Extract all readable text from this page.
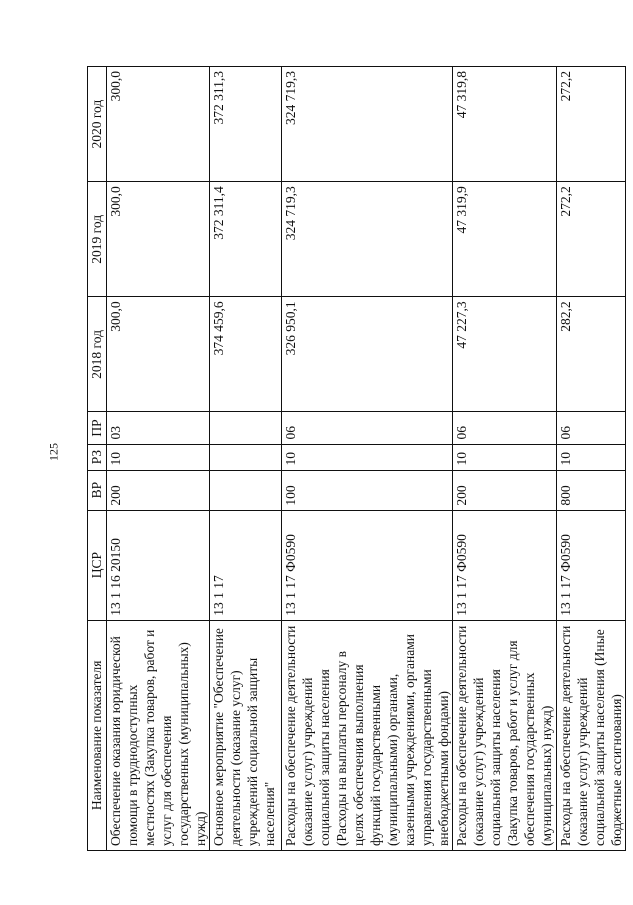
125
Наименование показателя	ЦСР	ВР	РЗ	ПР	2018 год	2019 год	2020 год
Обеспечение оказания юридической помощи в труднодоступных местностях (Закупка товаров, работ и услуг для обеспечения государственных (муниципальных) нужд)	13 1 16 20150	200	10	03	300,0	300,0	300,0
Основное мероприятие "Обеспечение деятельности (оказание услуг) учреждений социальной защиты населения"	13 1 17				374 459,6	372 311,4	372 311,3
Расходы на обеспечение деятельности (оказание услуг) учреждений социальной защиты населения (Расходы на выплаты персоналу в целях обеспечения выполнения функций государственными (муниципальными) органами, казенными учреждениями, органами управления государственными внебюджетными фондами)	13 1 17 Ф0590	100	10	06	326 950,1	324 719,3	324 719,3
Расходы на обеспечение деятельности (оказание услуг) учреждений социальной защиты населения (Закупка товаров, работ и услуг для обеспечения государственных (муниципальных) нужд)	13 1 17 Ф0590	200	10	06	47 227,3	47 319,9	47 319,8
Расходы на обеспечение деятельности (оказание услуг) учреждений социальной защиты населения (Иные бюджетные ассигнования)	13 1 17 Ф0590	800	10	06	282,2	272,2	272,2
